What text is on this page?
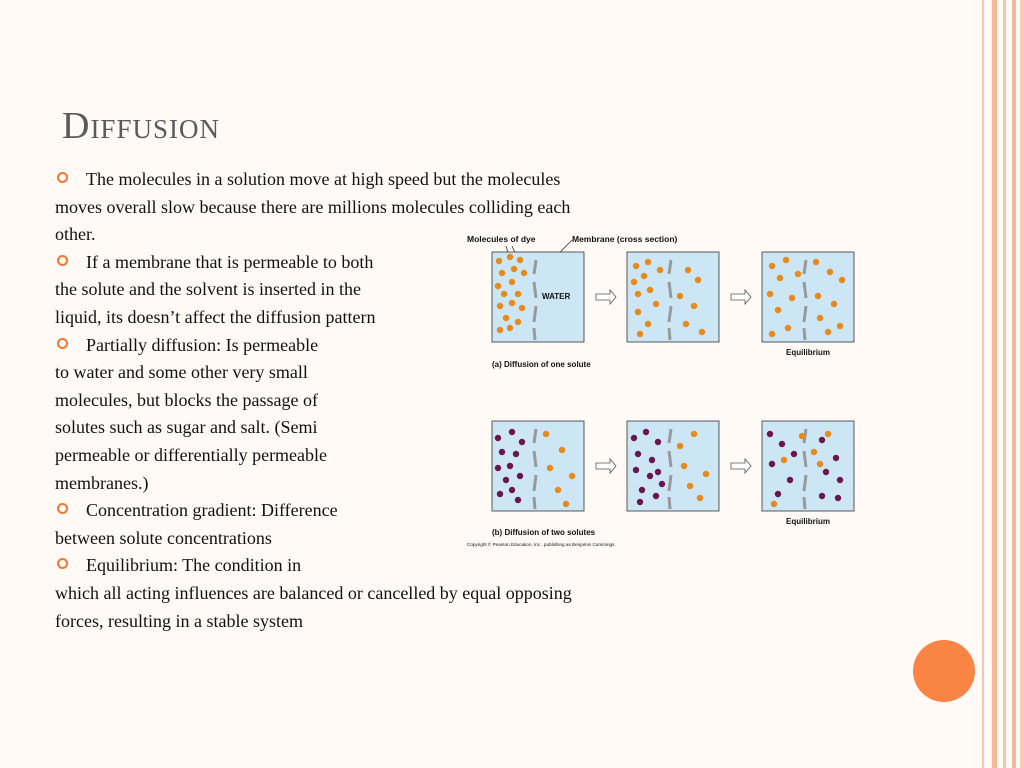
Diffusion
The molecules in a solution move at high speed but the molecules
moves overall slow because there are millions molecules colliding each
other.
If a membrane that is permeable to both
the solute and the solvent is inserted in the
liquid, its doesn’t affect the diffusion pattern
Partially diffusion: Is permeable
to water and some other very small
molecules, but blocks the passage of
solutes such as sugar and salt. (Semi
permeable or differentially permeable
membranes.)
Concentration gradient: Difference
between solute concentrations
Equilibrium: The condition in
which all acting influences are balanced or cancelled by equal opposing
forces, resulting in a stable system
Molecules of dye	Membrane (cross section)
WATER
Equilibrium
(a) Diffusion of one solute
Equilibrium
(b) Diffusion of two solutes
Copyright © Pearson Education, Inc., publishing as Benjamin Cummings.
